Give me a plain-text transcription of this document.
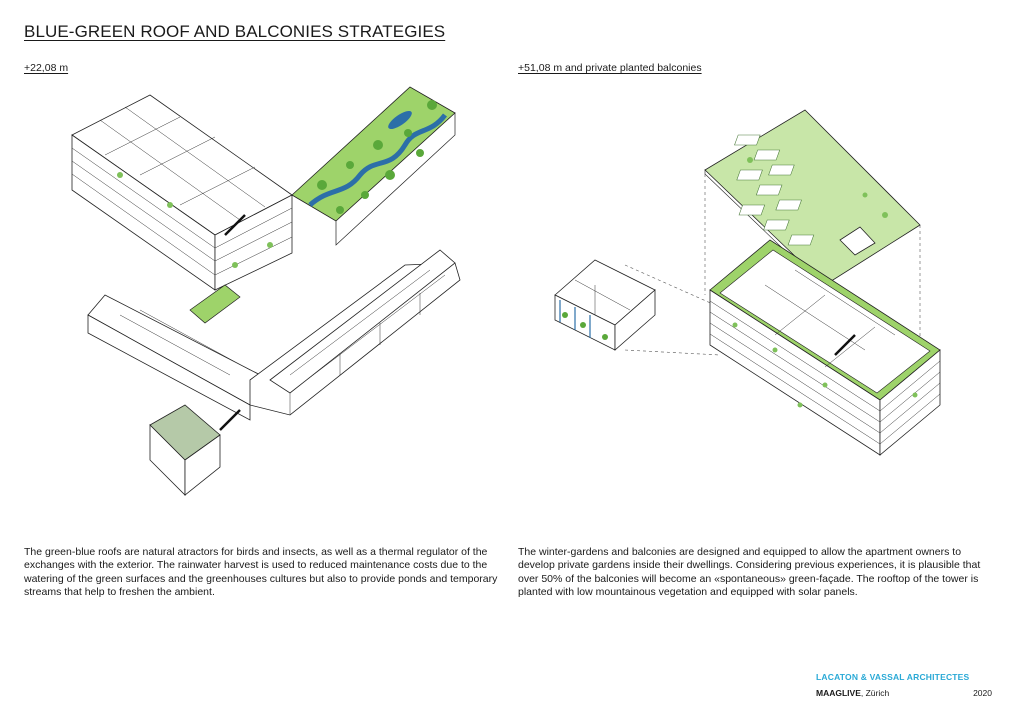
BLUE-GREEN ROOF AND BALCONIES STRATEGIES
+22,08 m	+51,08 m and private planted balconies
The green-blue roofs are natural atractors for birds and insects, as well as a thermal regulator of the exchanges with the exterior. The rainwater harvest is used to reduced maintenance costs due to the watering of the green surfaces and the greenhouses cultures but also to provide ponds and temporary streams that help to freshen the ambient.
The winter-gardens and balconies are designed and equipped to allow the apartment owners to develop private gardens inside their dwellings. Considering previous experiences, it is plausible that over 50% of the balconies will become an «spontaneous» green-façade. The rooftop of the tower is planted with low mountainous vegetation and equipped with solar panels.
LACATON & VASSAL ARCHITECTES
MAAGLIVE, Zürich	2020
